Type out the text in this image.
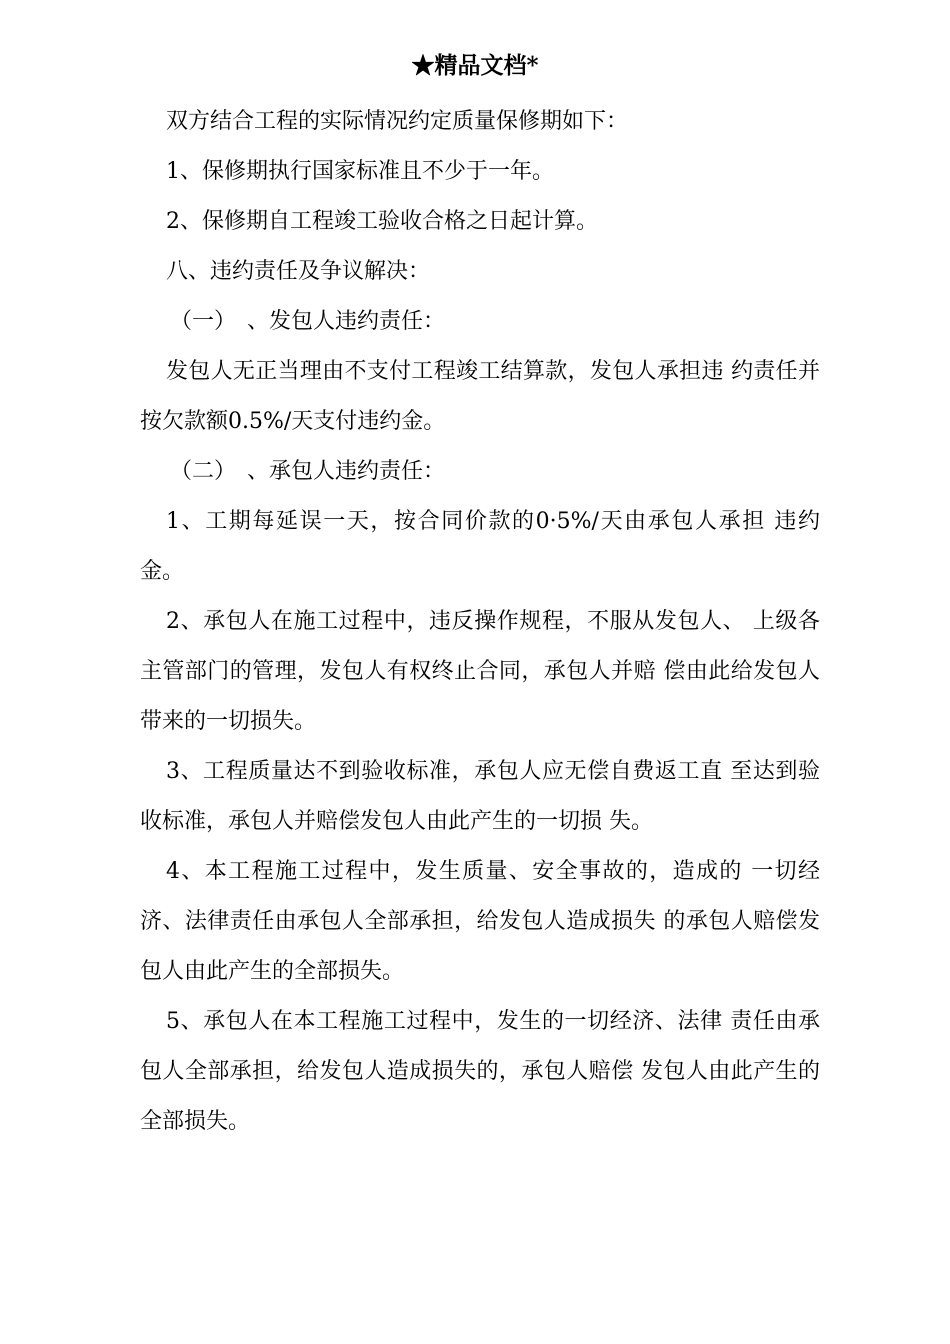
★精品文档*

双方结合工程的实际情况约定质量保修期如下：

1、保修期执行国家标准且不少于一年。

2、保修期自工程竣工验收合格之日起计算。

八、违约责任及争议解决：

（一）　、发包人违约责任：

发包人无正当理由不支付工程竣工结算款，发包人承担违 约责任并按欠款额0.5%/天支付违约金。

（二）　、承包人违约责任：

1、工期每延误一天，按合同价款的0·5%/天由承包人承担 违约金。

2、承包人在施工过程中，违反操作规程，不服从发包人、 上级各主管部门的管理，发包人有权终止合同，承包人并赔 偿由此给发包人带来的一切损失。

3、工程质量达不到验收标准，承包人应无偿自费返工直 至达到验收标准，承包人并赔偿发包人由此产生的一切损 失。

4、本工程施工过程中，发生质量、安全事故的，造成的 一切经济、法律责任由承包人全部承担，给发包人造成损失 的承包人赔偿发包人由此产生的全部损失。

5、承包人在本工程施工过程中，发生的一切经济、法律 责任由承包人全部承担，给发包人造成损失的，承包人赔偿 发包人由此产生的全部损失。
